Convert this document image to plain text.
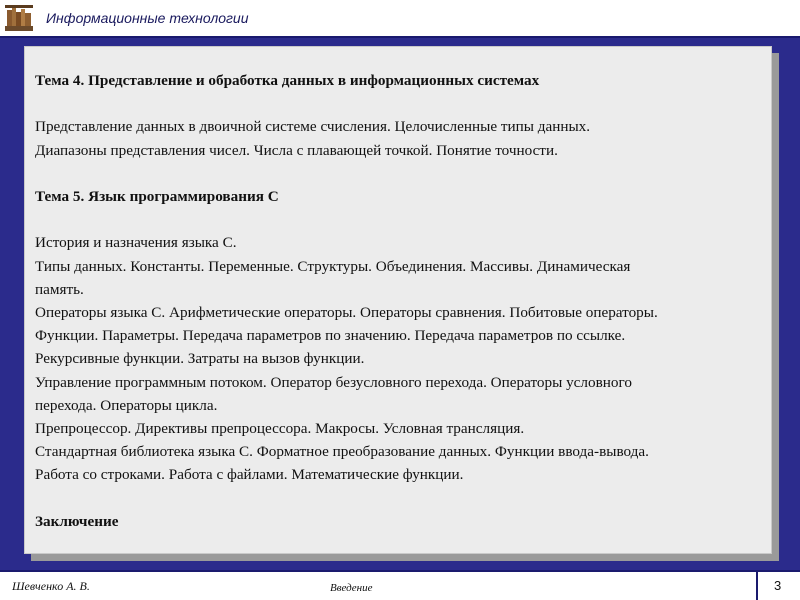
Информационные технологии

Тема 4. Представление и обработка данных в информационных системах

Представление данных в двоичной системе счисления. Целочисленные типы данных.

Диапазоны представления чисел. Числа с плавающей точкой. Понятие точности.

Тема 5. Язык программирования С

История и назначения языка С.

Типы данных. Константы. Переменные. Структуры. Объединения. Массивы. Динамическая

память.

Операторы языка С. Арифметические операторы. Операторы сравнения. Побитовые операторы.

Функции. Параметры. Передача параметров по значению. Передача параметров по ссылке.

Рекурсивные функции. Затраты на вызов функции.

Управление программным потоком. Оператор безусловного перехода. Операторы условного

перехода. Операторы цикла.

Препроцессор. Директивы препроцессора. Макросы. Условная трансляция.

Стандартная библиотека языка С. Форматное преобразование данных. Функции ввода-вывода.

Работа со строками. Работа с файлами. Математические функции.

Заключение

Шевченко А. В.	Введение	3
